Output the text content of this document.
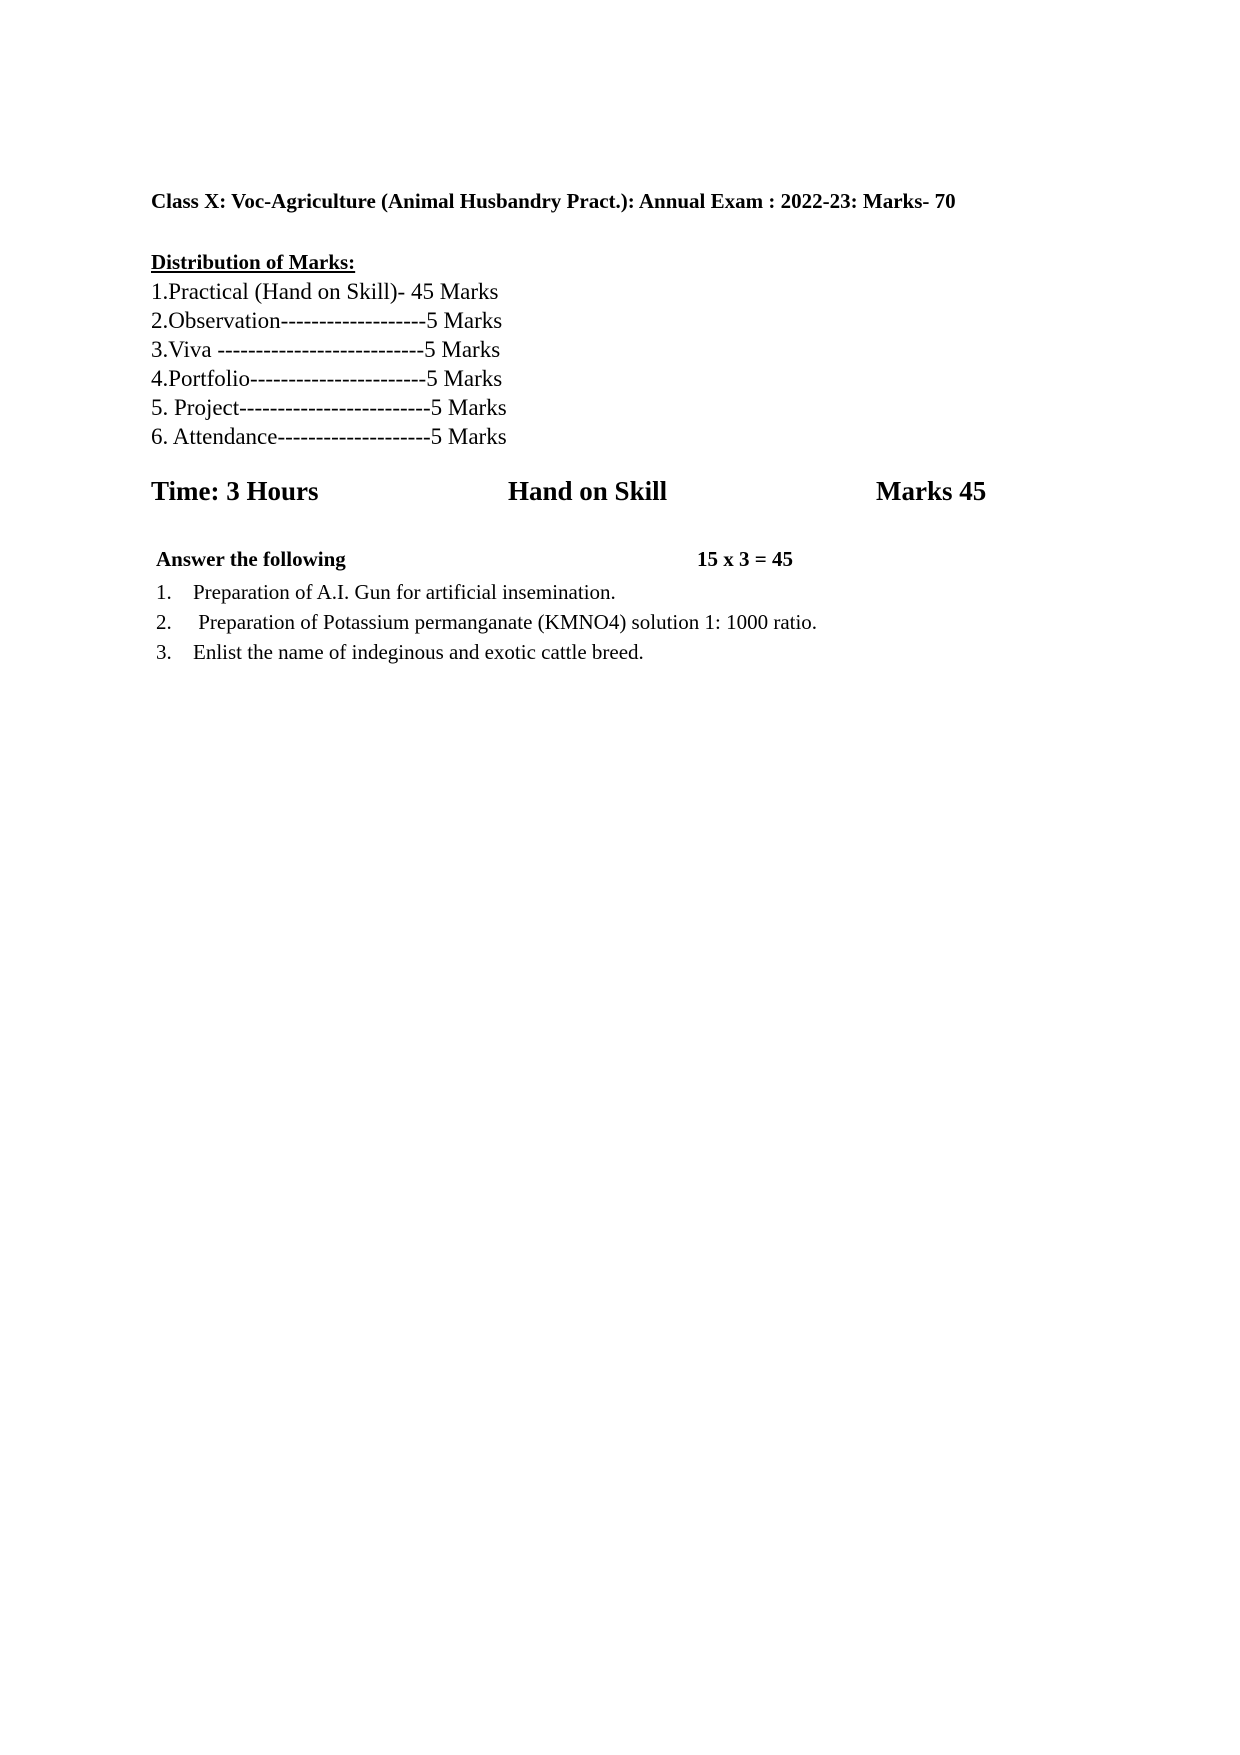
Class X: Voc-Agriculture (Animal Husbandry Pract.): Annual Exam : 2022-23: Marks- 70
Distribution of Marks:
1.Practical (Hand on Skill)- 45 Marks
2.Observation-------------------5 Marks
3.Viva ---------------------------5 Marks
4.Portfolio-----------------------5 Marks
5. Project-------------------------5 Marks
6. Attendance--------------------5 Marks
Time: 3 Hours	Hand on Skill	Marks 45
Answer the following	15 x 3 = 45
1. Preparation of A.I. Gun for artificial insemination.
2. Preparation of Potassium permanganate (KMNO4) solution 1: 1000 ratio.
3. Enlist the name of indeginous and exotic cattle breed.
